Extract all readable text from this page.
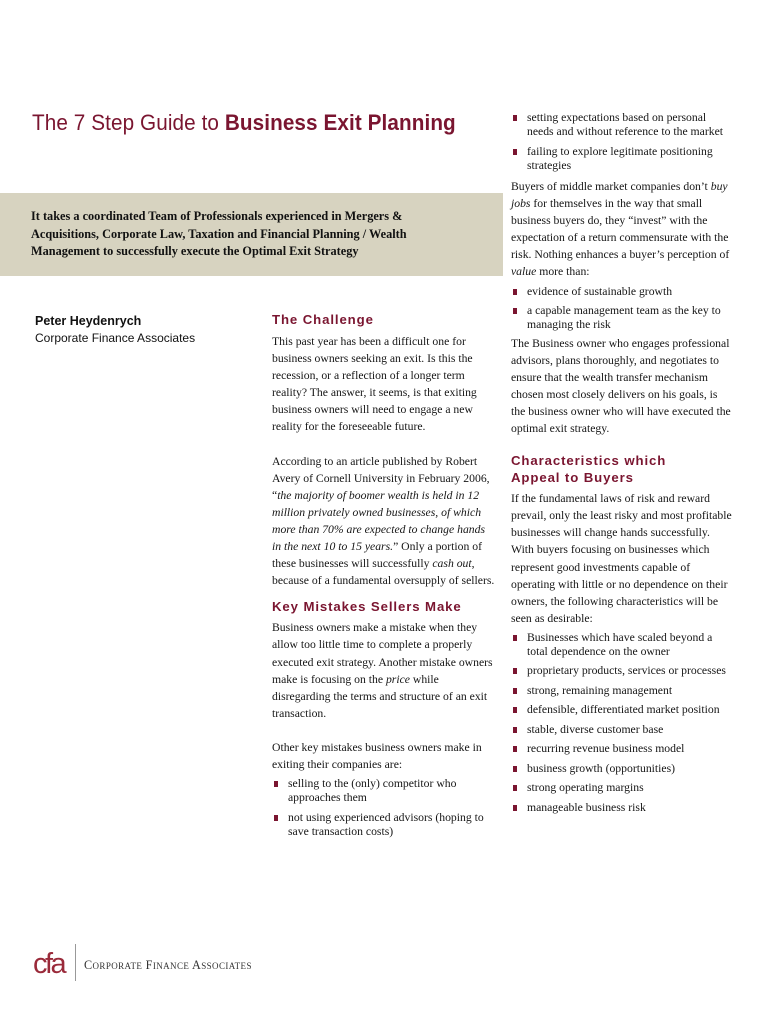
The 7 Step Guide to Business Exit Planning
It takes a coordinated Team of Professionals experienced in Mergers & Acquisitions, Corporate Law, Taxation and Financial Planning / Wealth Management to successfully execute the Optimal Exit Strategy
Peter Heydenrych
Corporate Finance Associates
The Challenge

This past year has been a difficult one for business owners seeking an exit. Is this the recession, or a reflection of a longer term reality? The answer, it seems, is that exiting business owners will need to engage a new reality for the foreseeable future.

According to an article published by Robert Avery of Cornell University in February 2006, “the majority of boomer wealth is held in 12 million privately owned businesses, of which more than 70% are expected to change hands in the next 10 to 15 years.” Only a portion of these businesses will successfully cash out, because of a fundamental oversupply of sellers.

Key Mistakes Sellers Make

Business owners make a mistake when they allow too little time to complete a properly executed exit strategy. Another mistake owners make is focusing on the price while disregarding the terms and structure of an exit transaction.

Other key mistakes business owners make in exiting their companies are:

selling to the (only) competitor who approaches them
not using experienced advisors (hoping to save transaction costs)
setting expectations based on personal needs and without reference to the market
failing to explore legitimate positioning strategies

Buyers of middle market companies don’t buy jobs for themselves in the way that small business buyers do, they “invest” with the expectation of a return commensurate with the risk. Nothing enhances a buyer’s perception of value more than:

evidence of sustainable growth
a capable management team as the key to managing the risk

The Business owner who engages professional advisors, plans thoroughly, and negotiates to ensure that the wealth transfer mechanism chosen most closely delivers on his goals, is the business owner who will have executed the optimal exit strategy.

Characteristics which
Appeal to Buyers

If the fundamental laws of risk and reward prevail, only the least risky and most profitable businesses will change hands successfully. With buyers focusing on businesses which represent good investments capable of operating with little or no dependence on their owners, the following characteristics will be seen as desirable:

Businesses which have scaled beyond a total dependence on the owner
proprietary products, services or processes
strong, remaining management
defensible, differentiated market position
stable, diverse customer base
recurring revenue business model
business growth (opportunities)
strong operating margins
manageable business risk
cfa Corporate Finance Associates
